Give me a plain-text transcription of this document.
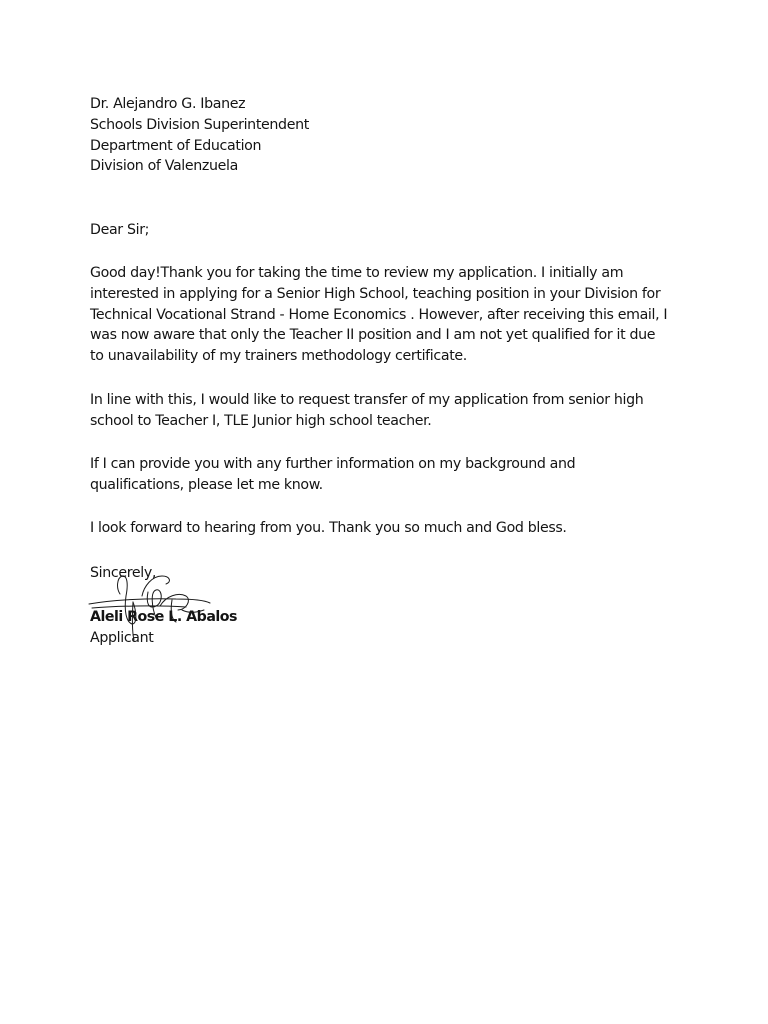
Dr. Alejandro G. Ibanez
Schools Division Superintendent
Department of Education
Division of Valenzuela

Dear Sir;

Good day!Thank you for taking the time to review my application. I initially am interested in applying for a Senior High School, teaching position in your Division for Technical Vocational Strand - Home Economics . However, after receiving this email, I was now aware that only the Teacher II position and I am not yet qualified for it due to unavailability of my trainers methodology certificate.

In line with this, I would like to request transfer of my application from senior high school to Teacher I, TLE Junior high school teacher.

If I can provide you with any further information on my background and qualifications, please let me know.

I look forward to hearing from you. Thank you so much and God bless.

Sincerely,

Aleli Rose L. Abalos

Applicant
